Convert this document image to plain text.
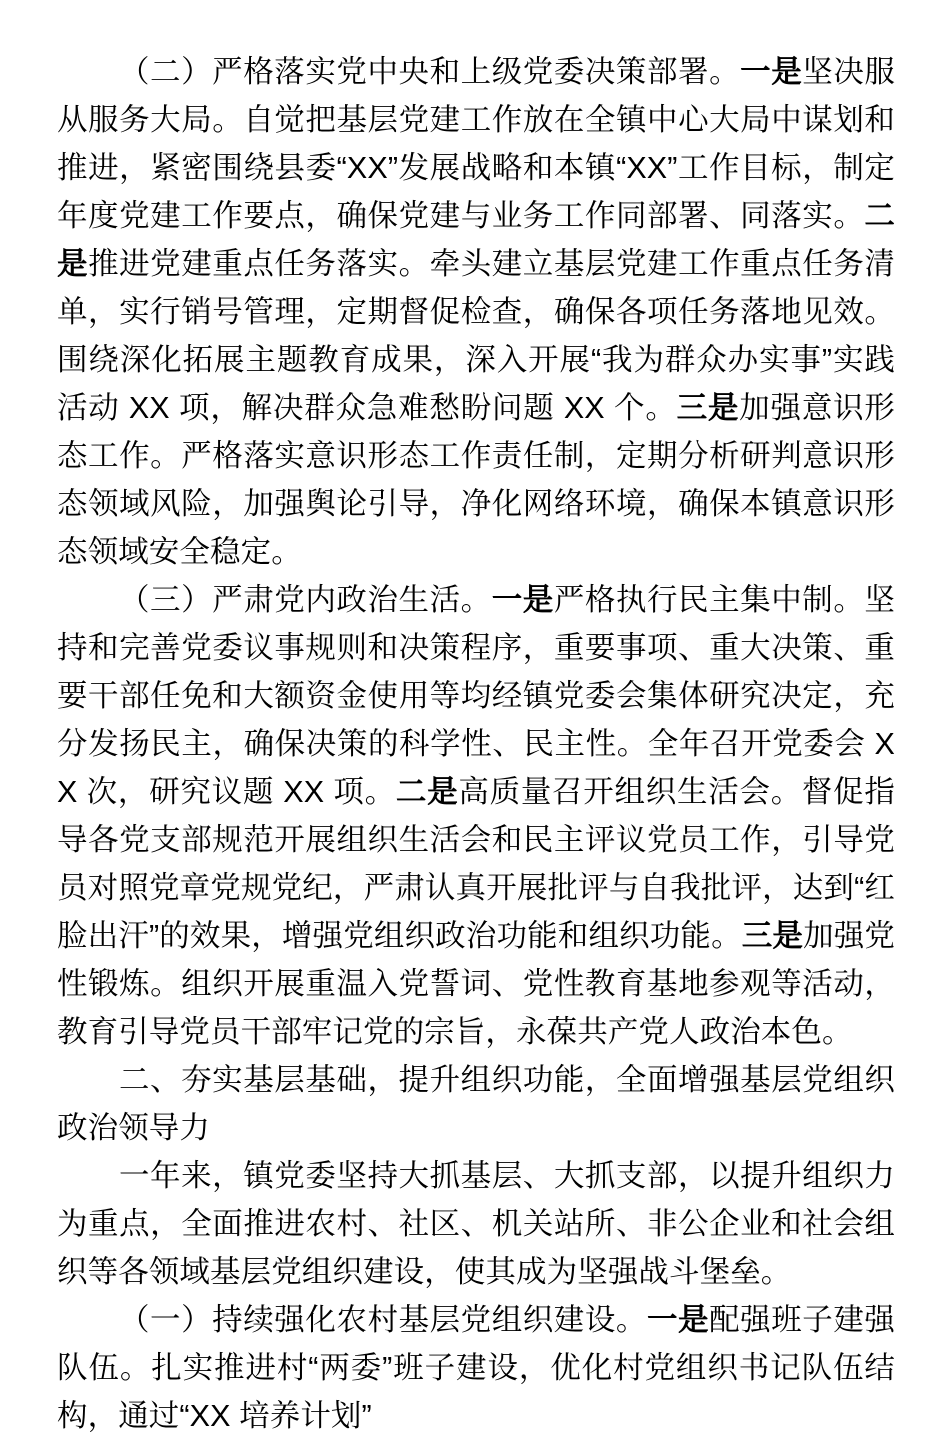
（二）严格落实党中央和上级党委决策部署。一是坚决服从服务大局。自觉把基层党建工作放在全镇中心大局中谋划和推进，紧密围绕县委“XX”发展战略和本镇“XX”工作目标，制定年度党建工作要点，确保党建与业务工作同部署、同落实。二是推进党建重点任务落实。牵头建立基层党建工作重点任务清单，实行销号管理，定期督促检查，确保各项任务落地见效。围绕深化拓展主题教育成果，深入开展“我为群众办实事”实践活动 XX 项，解决群众急难愁盼问题 XX 个。三是加强意识形态工作。严格落实意识形态工作责任制，定期分析研判意识形态领域风险，加强舆论引导，净化网络环境，确保本镇意识形态领域安全稳定。

（三）严肃党内政治生活。一是严格执行民主集中制。坚持和完善党委议事规则和决策程序，重要事项、重大决策、重要干部任免和大额资金使用等均经镇党委会集体研究决定，充分发扬民主，确保决策的科学性、民主性。全年召开党委会 XX 次，研究议题 XX 项。二是高质量召开组织生活会。督促指导各党支部规范开展组织生活会和民主评议党员工作，引导党员对照党章党规党纪，严肃认真开展批评与自我批评，达到“红脸出汗”的效果，增强党组织政治功能和组织功能。三是加强党性锻炼。组织开展重温入党誓词、党性教育基地参观等活动，教育引导党员干部牢记党的宗旨，永葆共产党人政治本色。

二、夯实基层基础，提升组织功能，全面增强基层党组织政治领导力

一年来，镇党委坚持大抓基层、大抓支部，以提升组织力为重点，全面推进农村、社区、机关站所、非公企业和社会组织等各领域基层党组织建设，使其成为坚强战斗堡垒。

（一）持续强化农村基层党组织建设。一是配强班子建强队伍。扎实推进村“两委”班子建设，优化村党组织书记队伍结构，通过“XX 培养计划”
